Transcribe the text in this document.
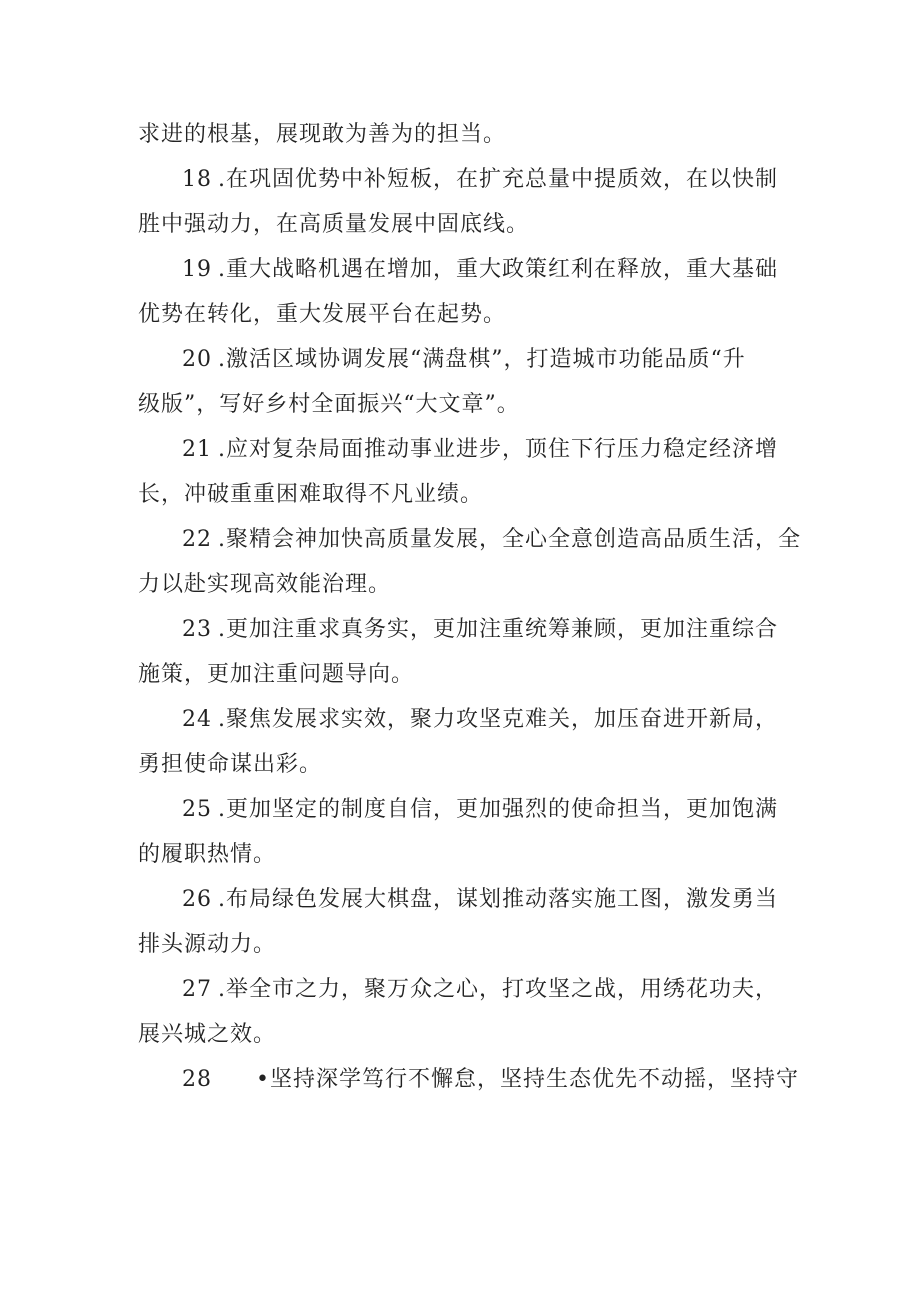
求进的根基，展现敢为善为的担当。
18 .在巩固优势中补短板，在扩充总量中提质效，在以快制
胜中强动力，在高质量发展中固底线。
19 .重大战略机遇在增加，重大政策红利在释放，重大基础
优势在转化，重大发展平台在起势。
20 .激活区域协调发展“满盘棋”，打造城市功能品质“升
级版”，写好乡村全面振兴“大文章”。
21 .应对复杂局面推动事业进步，顶住下行压力稳定经济增
长，冲破重重困难取得不凡业绩。
22 .聚精会神加快高质量发展，全心全意创造高品质生活，全
力以赴实现高效能治理。
23 .更加注重求真务实，更加注重统筹兼顾，更加注重综合
施策，更加注重问题导向。
24 .聚焦发展求实效，聚力攻坚克难关，加压奋进开新局，
勇担使命谋出彩。
25 .更加坚定的制度自信，更加强烈的使命担当，更加饱满
的履职热情。
26 .布局绿色发展大棋盘，谋划推动落实施工图，激发勇当
排头源动力。
27 .举全市之力，聚万众之心，打攻坚之战，用绣花功夫，
展兴城之效。
28 •坚持深学笃行不懈怠，坚持生态优先不动摇，坚持守
